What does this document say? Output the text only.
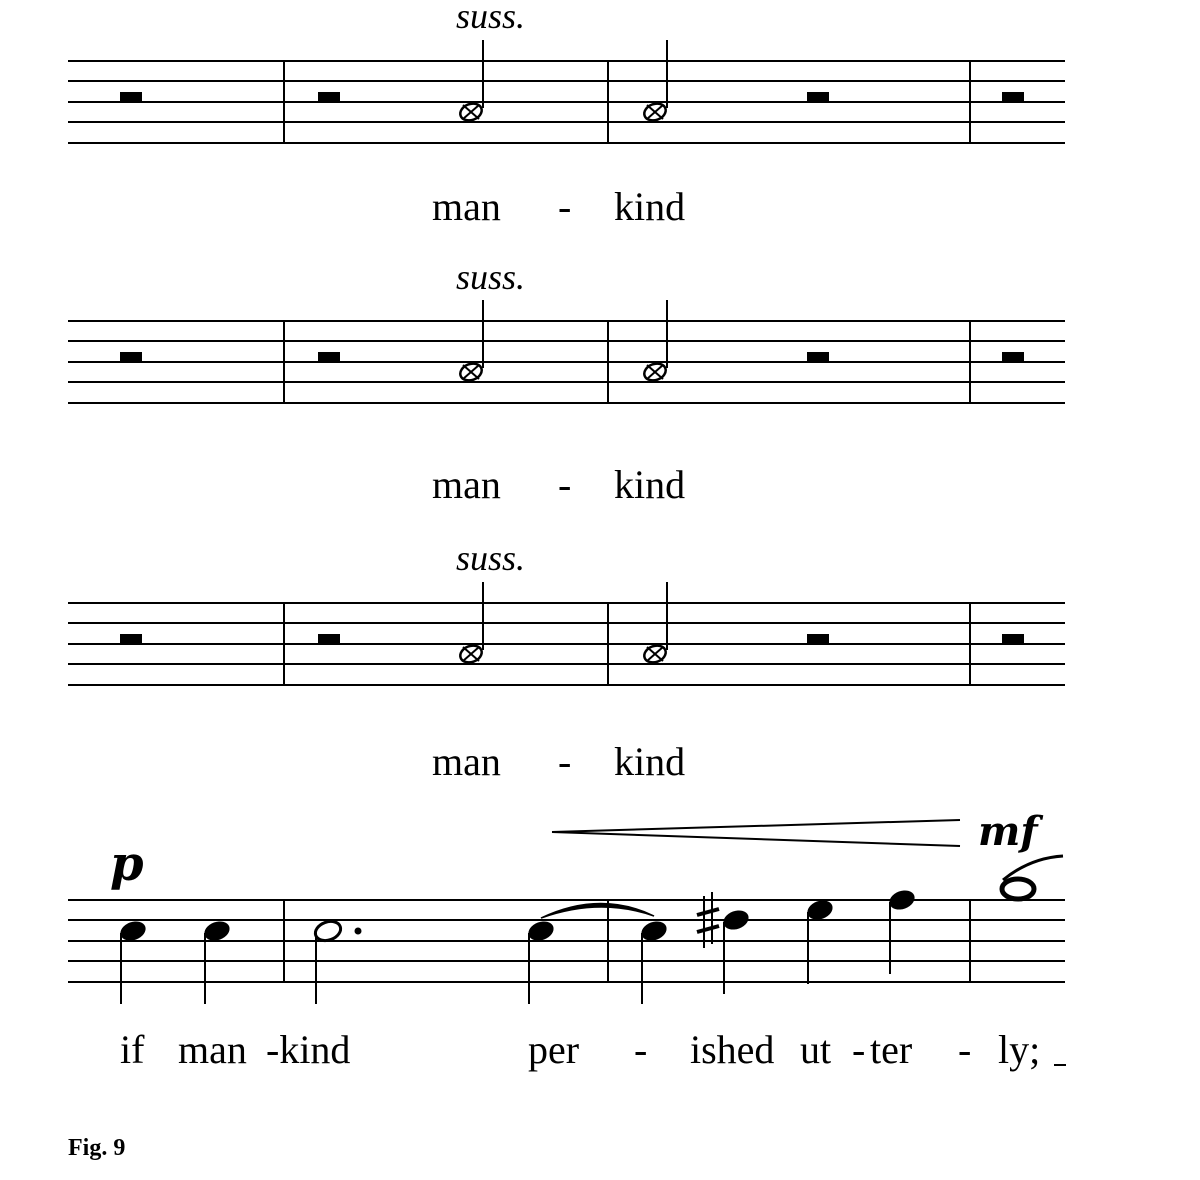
suss.
man - kind
suss.
man - kind
suss.
man - kind
p
mf
if man -kind	per - ished ut - ter - ly;
Fig. 9
